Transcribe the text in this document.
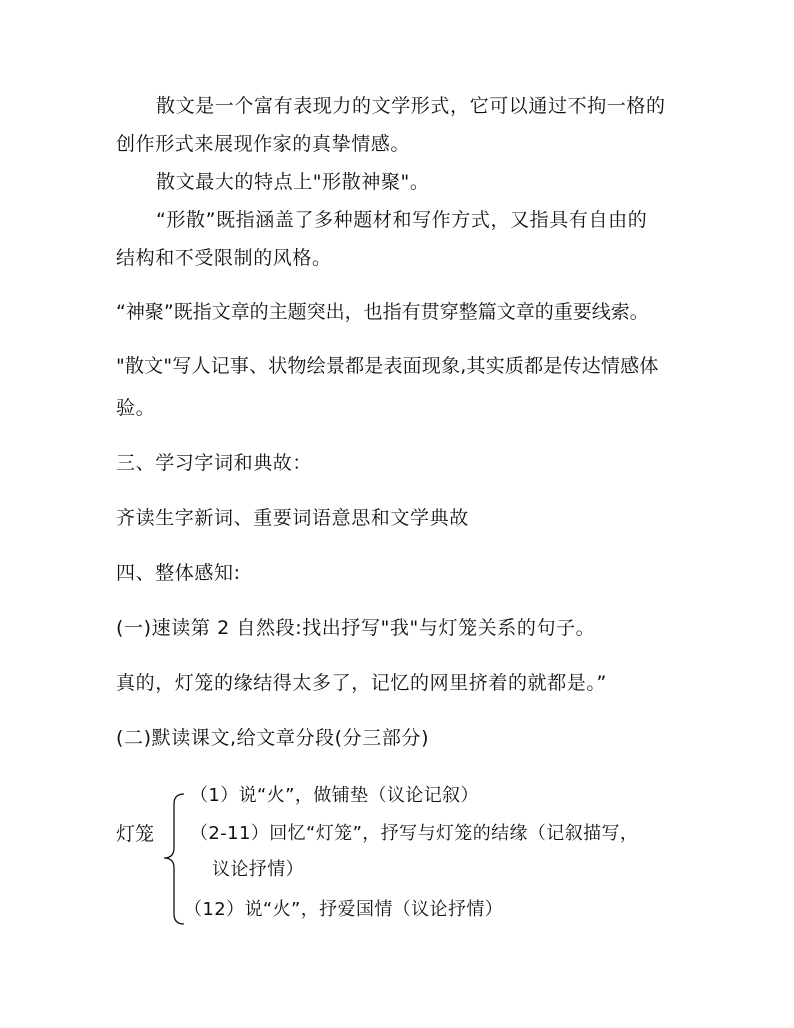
散文是一个富有表现力的文学形式，它可以通过不拘一格的
创作形式来展现作家的真挚情感。
散文最大的特点上"形散神聚"。
“形散”既指涵盖了多种题材和写作方式，又指具有自由的
结构和不受限制的风格。
“神聚”既指文章的主题突出，也指有贯穿整篇文章的重要线索。
"散文"写人记事、状物绘景都是表面现象,其实质都是传达情感体
验。
三、学习字词和典故：
齐读生字新词、重要词语意思和文学典故
四、整体感知:
(一)速读第 2 自然段:找出抒写"我"与灯笼关系的句子。
真的，灯笼的缘结得太多了，记忆的网里挤着的就都是。”
(二)默读课文,给文章分段(分三部分)
灯笼
（1）说“火”，做铺垫（议论记叙）
（2-11）回忆“灯笼”，抒写与灯笼的结缘（记叙描写，
议论抒情）
（12）说“火”，抒爱国情（议论抒情）
